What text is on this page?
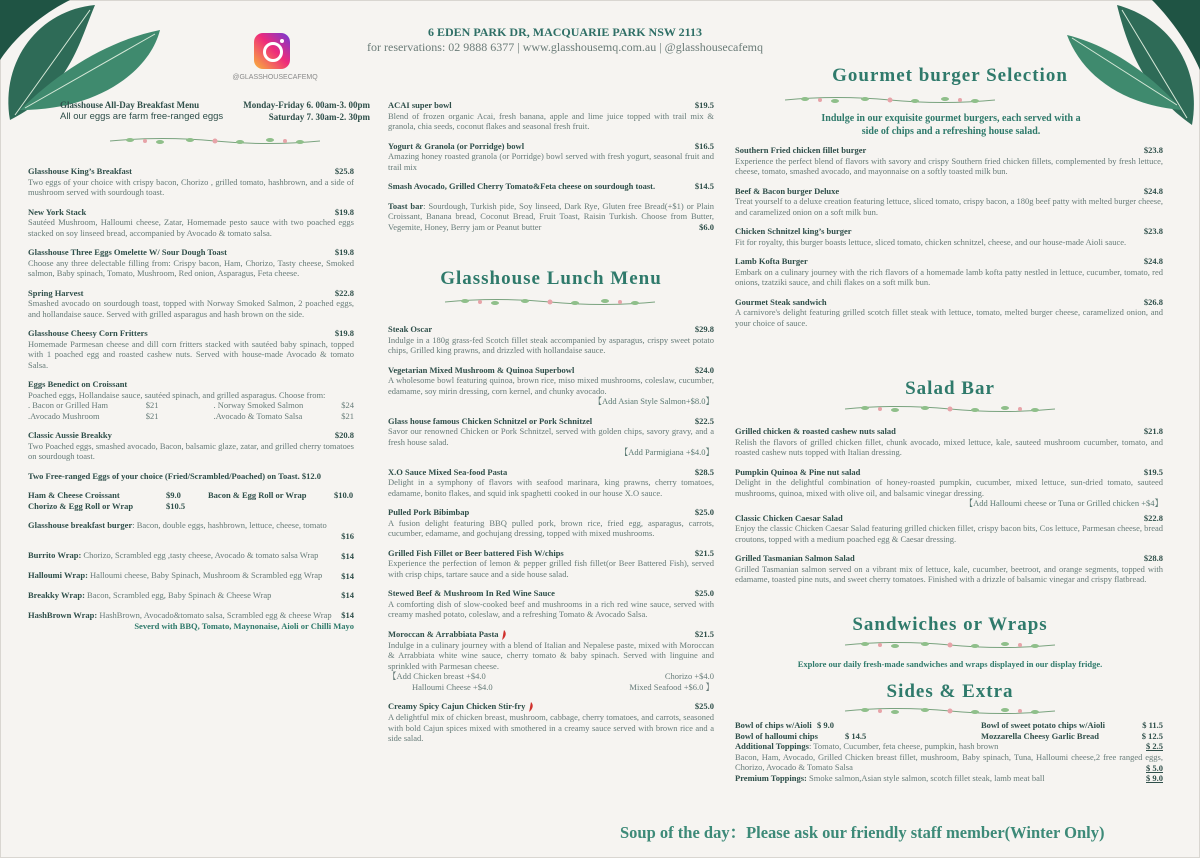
6 EDEN PARK DR, MACQUARIE PARK NSW 2113
for reservations: 02 9888 6377 | www.glasshousemq.com.au | @glasshousecafemq
@GLASSHOUSECAFEMQ
Glasshouse All-Day Breakfast Menu	Monday-Friday 6. 00am-3. 00pm
All our eggs are farm free-ranged eggs	Saturday 7. 30am-2. 30pm
Glasshouse King’s Breakfast	$25.8
Two eggs of your choice with crispy bacon, Chorizo , grilled tomato, hashbrown, and a side of mushroom served with sourdough toast.
New York Stack	$19.8
Sautéed Mushroom, Halloumi cheese, Zatar, Homemade pesto sauce with two poached eggs stacked on soy linseed bread, accompanied by Avocado & tomato salsa.
Glasshouse Three Eggs Omelette W/ Sour Dough Toast	$19.8
Choose any three delectable filling from: Crispy bacon, Ham, Chorizo, Tasty cheese, Smoked salmon, Baby spinach, Tomato, Mushroom, Red onion, Asparagus, Feta cheese.
Spring Harvest	$22.8
Smashed avocado on sourdough toast, topped with Norway Smoked Salmon, 2 poached eggs, and hollandaise sauce. Served with grilled asparagus and hash brown on the side.
Glasshouse Cheesy Corn Fritters	$19.8
Homemade Parmesan cheese and dill corn fritters stacked with sautéed baby spinach, topped with 1 poached egg and roasted cashew nuts. Served with house-made Avocado & tomato Salsa.
Eggs Benedict on Croissant
Poached eggs, Hollandaise sauce, sautéed spinach, and grilled asparagus. Choose from:
. Bacon or Grilled Ham	$21	. Norway Smoked Salmon	$24
.Avocado Mushroom	$21	.Avocado & Tomato Salsa	$21
Classic Aussie Breakky	$20.8
Two Poached eggs, smashed avocado, Bacon, balsamic glaze, zatar, and grilled cherry tomatoes on sourdough toast.
Two Free-ranged Eggs of your choice (Fried/Scrambled/Poached) on Toast. $12.0
Ham & Cheese Croissant	$9.0	Bacon & Egg Roll or Wrap	$10.0
Chorizo & Egg Roll or Wrap	$10.5
Glasshouse breakfast burger: Bacon, double eggs, hashbrown, lettuce, cheese, tomato
$16
Burrito Wrap: Chorizo, Scrambled egg ,tasty cheese, Avocado & tomato salsa Wrap	$14
Halloumi Wrap: Halloumi cheese, Baby Spinach, Mushroom & Scrambled egg Wrap	$14
Breakky Wrap: Bacon, Scrambled egg, Baby Spinach & Cheese Wrap	$14
HashBrown Wrap: HashBrown, Avocado&tomato salsa, Scrambled egg & cheese Wrap	$14
Severd with BBQ, Tomato, Maynonaise, Aioli or Chilli Mayo
ACAI super bowl	$19.5
Blend of frozen organic Acai, fresh banana, apple and lime juice topped with trail mix & granola, chia seeds, coconut flakes and seasonal fresh fruit.
Yogurt & Granola (or Porridge) bowl	$16.5
Amazing honey roasted granola (or Porridge) bowl served with fresh yogurt, seasonal fruit and trail mix
Smash Avocado, Grilled Cherry Tomato&Feta cheese on sourdough toast.	$14.5
Toast bar: Sourdough, Turkish pide, Soy linseed, Dark Rye, Gluten free Bread(+$1) or Plain Croissant, Banana bread, Coconut Bread, Fruit Toast, Raisin Turkish. Choose from Butter, Vegemite, Honey, Berry jam or Peanut butter	$6.0
Glasshouse Lunch Menu
Steak Oscar	$29.8
Indulge in a 180g grass-fed Scotch fillet steak accompanied by asparagus, crispy sweet potato chips, Grilled king prawns, and drizzled with hollandaise sauce.
Vegetarian Mixed Mushroom & Quinoa Superbowl	$24.0
A wholesome bowl featuring quinoa, brown rice, miso mixed mushrooms, coleslaw, cucumber, edamame, soy mirin dressing, corn kernel, and chunky avocado.
【Add Asian Style Salmon+$8.0】
Glass house famous Chicken Schnitzel or Pork Schnitzel	$22.5
Savor our renowned Chicken or Pork Schnitzel, served with golden chips, savory gravy, and a fresh house salad.
【Add Parmigiana +$4.0】
X.O Sauce Mixed Sea-food Pasta	$28.5
Delight in a symphony of flavors with seafood marinara, king prawns, cherry tomatoes, edamame, bonito flakes, and squid ink spaghetti cooked in our house X.O sauce.
Pulled Pork Bibimbap	$25.0
A fusion delight featuring BBQ pulled pork, brown rice, fried egg, asparagus, carrots, cucumber, edamame, and gochujang dressing, topped with mixed mushrooms.
Grilled Fish Fillet or Beer battered Fish W/chips	$21.5
Experience the perfection of lemon & pepper grilled fish fillet(or Beer Battered Fish), served with crisp chips, tartare sauce and a side house salad.
Stewed Beef & Mushroom In Red Wine Sauce	$25.0
A comforting dish of slow-cooked beef and mushrooms in a rich red wine sauce, served with creamy mashed potato, coleslaw, and a refreshing Tomato & Avocado Salsa.
Moroccan & Arrabbiata Pasta	$21.5
Indulge in a culinary journey with a blend of Italian and Nepalese paste, mixed with Moroccan & Arrabbiata white wine sauce, cherry tomato & baby spinach. Served with linguine and sprinkled with Parmesan cheese.
【Add Chicken breast +$4.0	Chorizo +$4.0
Halloumi Cheese +$4.0	Mixed Seafood +$6.0 】
Creamy Spicy Cajun Chicken Stir-fry	$25.0
A delightful mix of chicken breast, mushroom, cabbage, cherry tomatoes, and carrots, seasoned with bold Cajun spices mixed with smothered in a creamy sauce served with brown rice and a side salad.
Gourmet burger Selection
Indulge in our exquisite gourmet burgers, each served with a side of chips and a refreshing house salad.
Southern Fried chicken fillet burger	$23.8
Experience the perfect blend of flavors with savory and crispy Southern fried chicken fillets, complemented by fresh lettuce, cheese, tomato, smashed avocado, and mayonnaise on a softly toasted milk bun.
Beef & Bacon burger Deluxe	$24.8
Treat yourself to a deluxe creation featuring lettuce, sliced tomato, crispy bacon, a 180g beef patty with melted burger cheese, and caramelized onion on a soft milk bun.
Chicken Schnitzel king’s burger	$23.8
Fit for royalty, this burger boasts lettuce, sliced tomato, chicken schnitzel, cheese, and our house-made Aioli sauce.
Lamb Kofta Burger	$24.8
Embark on a culinary journey with the rich flavors of a homemade lamb kofta patty nestled in lettuce, cucumber, tomato, red onions, tzatziki sauce, and chili flakes on a soft milk bun.
Gourmet Steak sandwich	$26.8
A carnivore's delight featuring grilled scotch fillet steak with lettuce, tomato, melted burger cheese, caramelized onion, and your choice of sauce.
Salad Bar
Grilled chicken & roasted cashew nuts salad	$21.8
Relish the flavors of grilled chicken fillet, chunk avocado, mixed lettuce, kale, sauteed mushroom cucumber, tomato, and roasted cashew nuts topped with Italian dressing.
Pumpkin Quinoa & Pine nut salad	$19.5
Delight in the delightful combination of honey-roasted pumpkin, cucumber, mixed lettuce, sun-dried tomato, sauteed mushrooms, quinoa, mixed with olive oil, and balsamic vinegar dressing.
【Add Halloumi cheese or Tuna or Grilled chicken +$4】
Classic Chicken Caesar Salad	$22.8
Enjoy the classic Chicken Caesar Salad featuring grilled chicken fillet, crispy bacon bits, Cos lettuce, Parmesan cheese, bread croutons, topped with a medium poached egg & Caesar dressing.
Grilled Tasmanian Salmon Salad	$28.8
Grilled Tasmanian salmon served on a vibrant mix of lettuce, kale, cucumber, beetroot, and orange segments, topped with edamame, toasted pine nuts, and sweet cherry tomatoes. Finished with a drizzle of balsamic vinegar and crispy flatbread.
Sandwiches or Wraps
Explore our daily fresh-made sandwiches and wraps displayed in our display fridge.
Sides & Extra
Bowl of chips w/Aioli $ 9.0	Bowl of sweet potato chips w/Aioli	$ 11.5
Bowl of halloumi chips	$ 14.5	Mozzarella Cheesy Garlic Bread	$ 12.5
Additional Toppings: Tomato, Cucumber, feta cheese, pumpkin, hash brown	$ 2.5
Bacon, Ham, Avocado, Grilled Chicken breast fillet, mushroom, Baby spinach, Tuna, Halloumi cheese,2 free ranged eggs, Chorizo, Avocado & Tomato Salsa	$ 5.0
Premium Toppings: Smoke salmon,Asian style salmon, scotch fillet steak, lamb meat ball	$ 9.0
Soup of the day：Please ask our friendly staff member(Winter Only)
